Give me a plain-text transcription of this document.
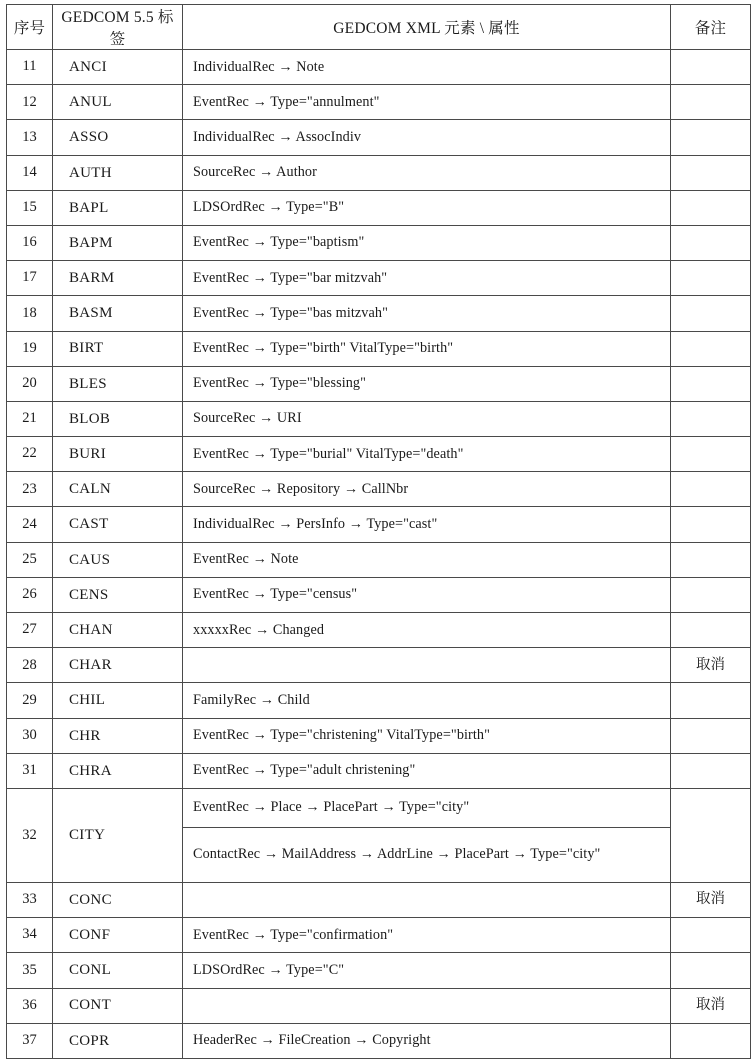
序号	GEDCOM 5.5 标签	GEDCOM XML 元素 \ 属性	备注

11	ANCI	IndividualRec → Note	

12	ANUL	EventRec → Type="annulment"	

13	ASSO	IndividualRec → AssocIndiv	

14	AUTH	SourceRec → Author	

15	BAPL	LDSOrdRec → Type="B"	

16	BAPM	EventRec → Type="baptism"	

17	BARM	EventRec → Type="bar mitzvah"	

18	BASM	EventRec → Type="bas mitzvah"	

19	BIRT	EventRec → Type="birth" VitalType="birth"	

20	BLES	EventRec → Type="blessing"	

21	BLOB	SourceRec → URI	

22	BURI	EventRec → Type="burial" VitalType="death"	

23	CALN	SourceRec → Repository → CallNbr	

24	CAST	IndividualRec → PersInfo → Type="cast"	

25	CAUS	EventRec → Note	

26	CENS	EventRec → Type="census"	

27	CHAN	xxxxxRec → Changed	

28	CHAR		取消

29	CHIL	FamilyRec → Child	

30	CHR	EventRec → Type="christening" VitalType="birth"	

31	CHRA	EventRec → Type="adult christening"	

32	CITY	EventRec → Place → PlacePart → Type="city"	

		ContactRec → MailAddress → AddrLine → PlacePart → Type="city"	

33	CONC		取消

34	CONF	EventRec → Type="confirmation"	

35	CONL	LDSOrdRec → Type="C"	

36	CONT		取消

37	COPR	HeaderRec → FileCreation → Copyright	
